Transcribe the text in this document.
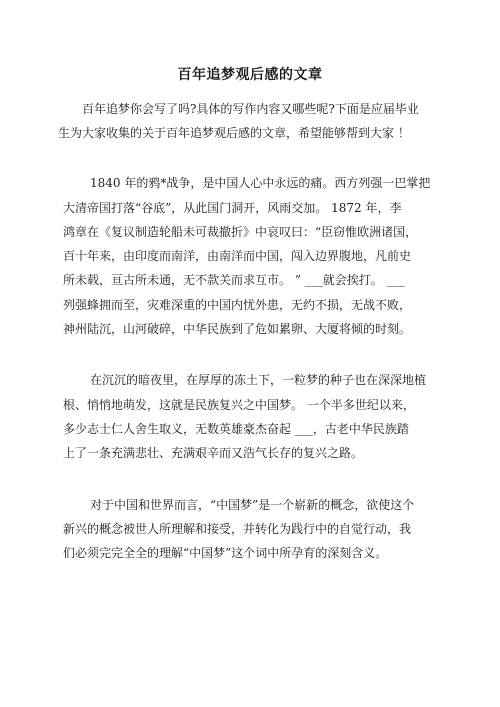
百年追梦观后感的文章
百年追梦你会写了吗?具体的写作内容又哪些呢?下面是应届毕业
生为大家收集的关于百年追梦观后感的文章，希望能够帮到大家 ！
1840 年的鸦*战争，是中国人心中永远的痛。西方列强一巴掌把
大清帝国打落“谷底”，从此国门洞开，风雨交加。 1872 年，李
鸿章在《复议制造轮船未可裁撤折》中哀叹曰：“臣窃惟欧洲诸国，
百十年来，由印度而南洋，由南洋而中国，闯入边界腹地，凡前史
所未载，亘古所未通，无不款关而求互市。 ” ___就会挨打。 ___
列强蜂拥而至，灾难深重的中国内忧外患，无约不损，无战不败，
神州陆沉，山河破碎，中华民族到了危如累卵、大厦将倾的时刻。
在沉沉的暗夜里，在厚厚的冻土下，一粒梦的种子也在深深地植
根、悄悄地萌发，这就是民族复兴之中国梦。 一个半多世纪以来，
多少志士仁人舍生取义，无数英雄豪杰奋起 ___，古老中华民族踏
上了一条充满悲壮、充满艰辛而又浩气长存的复兴之路。
对于中国和世界而言，“中国梦”是一个崭新的概念，欲使这个
新兴的概念被世人所理解和接受，并转化为践行中的自觉行动，我
们必须完完全全的理解“中国梦”这个词中所孕育的深刻含义。
